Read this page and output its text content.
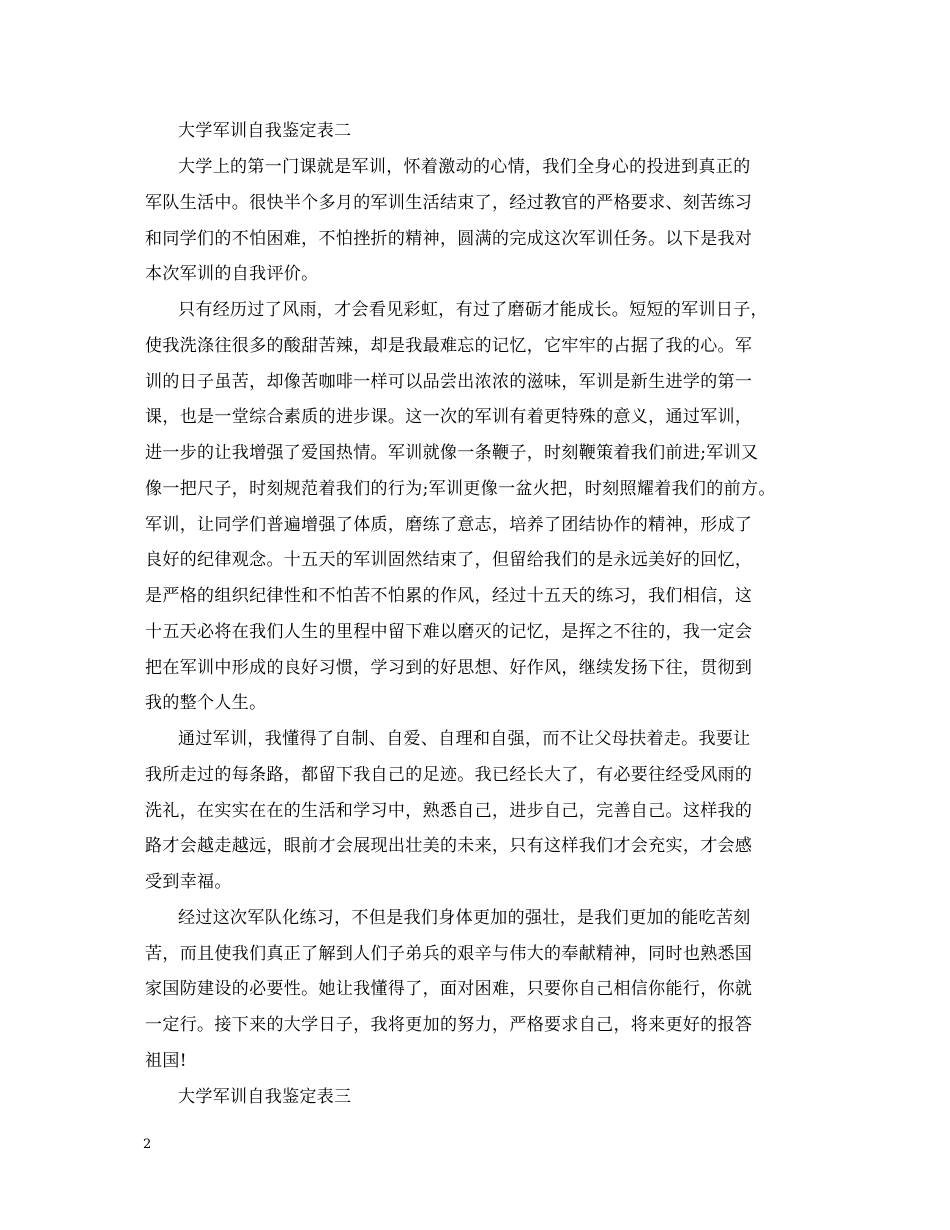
大学军训自我鉴定表二
大学上的第一门课就是军训，怀着激动的心情，我们全身心的投进到真正的
军队生活中。很快半个多月的军训生活结束了，经过教官的严格要求、刻苦练习
和同学们的不怕困难，不怕挫折的精神，圆满的完成这次军训任务。以下是我对
本次军训的自我评价。
只有经历过了风雨，才会看见彩虹，有过了磨砺才能成长。短短的军训日子，
使我洗涤往很多的酸甜苦辣，却是我最难忘的记忆，它牢牢的占据了我的心。军
训的日子虽苦，却像苦咖啡一样可以品尝出浓浓的滋味，军训是新生进学的第一
课，也是一堂综合素质的进步课。这一次的军训有着更特殊的意义，通过军训，
进一步的让我增强了爱国热情。军训就像一条鞭子，时刻鞭策着我们前进;军训又
像一把尺子，时刻规范着我们的行为;军训更像一盆火把，时刻照耀着我们的前方。
军训，让同学们普遍增强了体质，磨练了意志，培养了团结协作的精神，形成了
良好的纪律观念。十五天的军训固然结束了，但留给我们的是永远美好的回忆，
是严格的组织纪律性和不怕苦不怕累的作风，经过十五天的练习，我们相信，这
十五天必将在我们人生的里程中留下难以磨灭的记忆，是挥之不往的，我一定会
把在军训中形成的良好习惯，学习到的好思想、好作风，继续发扬下往，贯彻到
我的整个人生。
通过军训，我懂得了自制、自爱、自理和自强，而不让父母扶着走。我要让
我所走过的每条路，都留下我自己的足迹。我已经长大了，有必要往经受风雨的
洗礼，在实实在在的生活和学习中，熟悉自己，进步自己，完善自己。这样我的
路才会越走越远，眼前才会展现出壮美的未来，只有这样我们才会充实，才会感
受到幸福。
经过这次军队化练习，不但是我们身体更加的强壮，是我们更加的能吃苦刻
苦，而且使我们真正了解到人们子弟兵的艰辛与伟大的奉献精神，同时也熟悉国
家国防建设的必要性。她让我懂得了，面对困难，只要你自己相信你能行，你就
一定行。接下来的大学日子，我将更加的努力，严格要求自己，将来更好的报答
祖国!
大学军训自我鉴定表三
2
